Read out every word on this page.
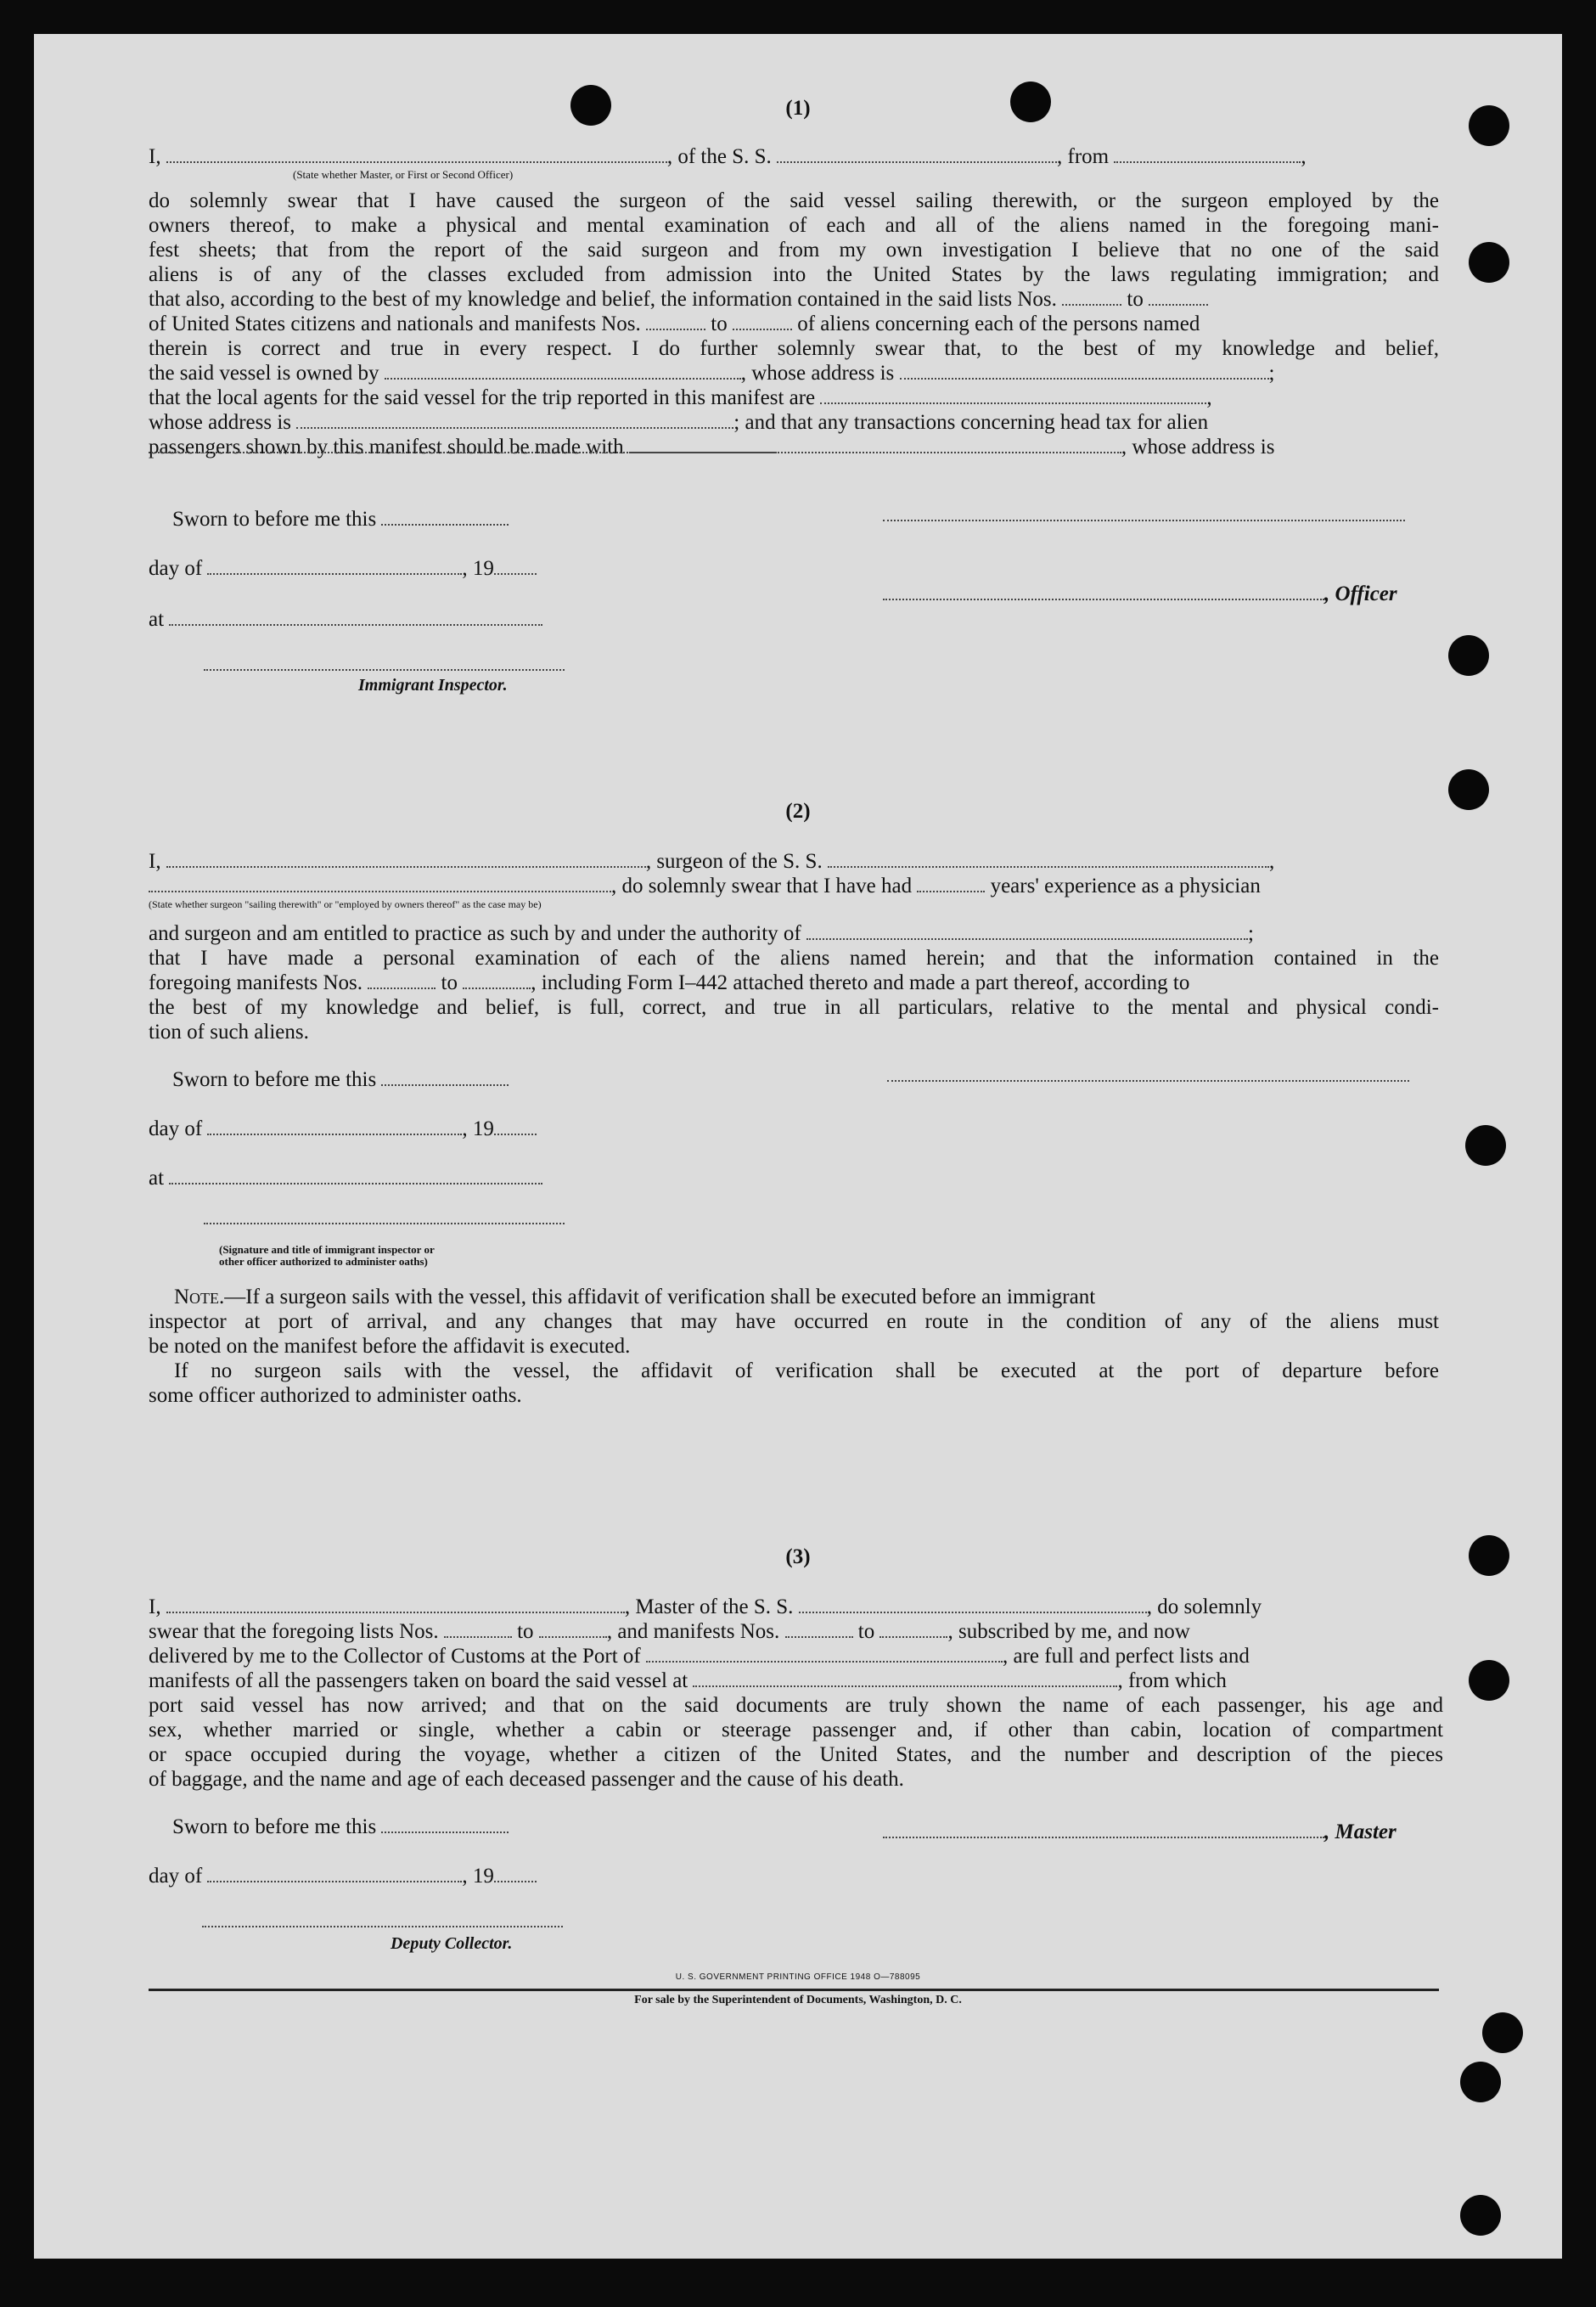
(1)
I,	, of the S. S.	, from	,
(State whether Master, or First or Second Officer)
do solemnly swear that I have caused the surgeon of the said vessel sailing therewith, or the surgeon employed by the
owners thereof, to make a physical and mental examination of each and all of the aliens named in the foregoing mani-
fest sheets; that from the report of the said surgeon and from my own investigation I believe that no one of the said
aliens is of any of the classes excluded from admission into the United States by the laws regulating immigration; and
that also, according to the best of my knowledge and belief, the information contained in the said lists Nos.	to
of United States citizens and nationals and manifests Nos.	to	of aliens concerning each of the persons named
therein is correct and true in every respect. I do further solemnly swear that, to the best of my knowledge and belief,
the said vessel is owned by	, whose address is	;
that the local agents for the said vessel for the trip reported in this manifest are	,
whose address is	; and that any transactions concerning head tax for alien
passengers shown by this manifest should be made with	, whose address is
Sworn to before me this
day of	, 19
, Officer
at
Immigrant Inspector.
(2)
I,	, surgeon of the S. S.	,
, do solemnly swear that I have had	years' experience as a physician
(State whether surgeon "sailing therewith" or "employed by owners thereof" as the case may be)
and surgeon and am entitled to practice as such by and under the authority of	;
that I have made a personal examination of each of the aliens named herein; and that the information contained in the
foregoing manifests Nos.	to	, including Form I–442 attached thereto and made a part thereof, according to
the best of my knowledge and belief, is full, correct, and true in all particulars, relative to the mental and physical condi-
tion of such aliens.
Sworn to before me this
day of	, 19
at
(Signature and title of immigrant inspector or
other officer authorized to administer oaths)
Note.—If a surgeon sails with the vessel, this affidavit of verification shall be executed before an immigrant
inspector at port of arrival, and any changes that may have occurred en route in the condition of any of the aliens must
be noted on the manifest before the affidavit is executed.
If no surgeon sails with the vessel, the affidavit of verification shall be executed at the port of departure before
some officer authorized to administer oaths.
(3)
I,	, Master of the S. S.	, do solemnly
swear that the foregoing lists Nos.	to	, and manifests Nos.	to	, subscribed by me, and now
delivered by me to the Collector of Customs at the Port of	, are full and perfect lists and
manifests of all the passengers taken on board the said vessel at	, from which
port said vessel has now arrived; and that on the said documents are truly shown the name of each passenger, his age and
sex, whether married or single, whether a cabin or steerage passenger and, if other than cabin, location of compartment
or space occupied during the voyage, whether a citizen of the United States, and the number and description of the pieces
of baggage, and the name and age of each deceased passenger and the cause of his death.
Sworn to before me this	, Master
day of	, 19
Deputy Collector.
U. S. GOVERNMENT PRINTING OFFICE 1948 O—788095
For sale by the Superintendent of Documents, Washington, D. C.
